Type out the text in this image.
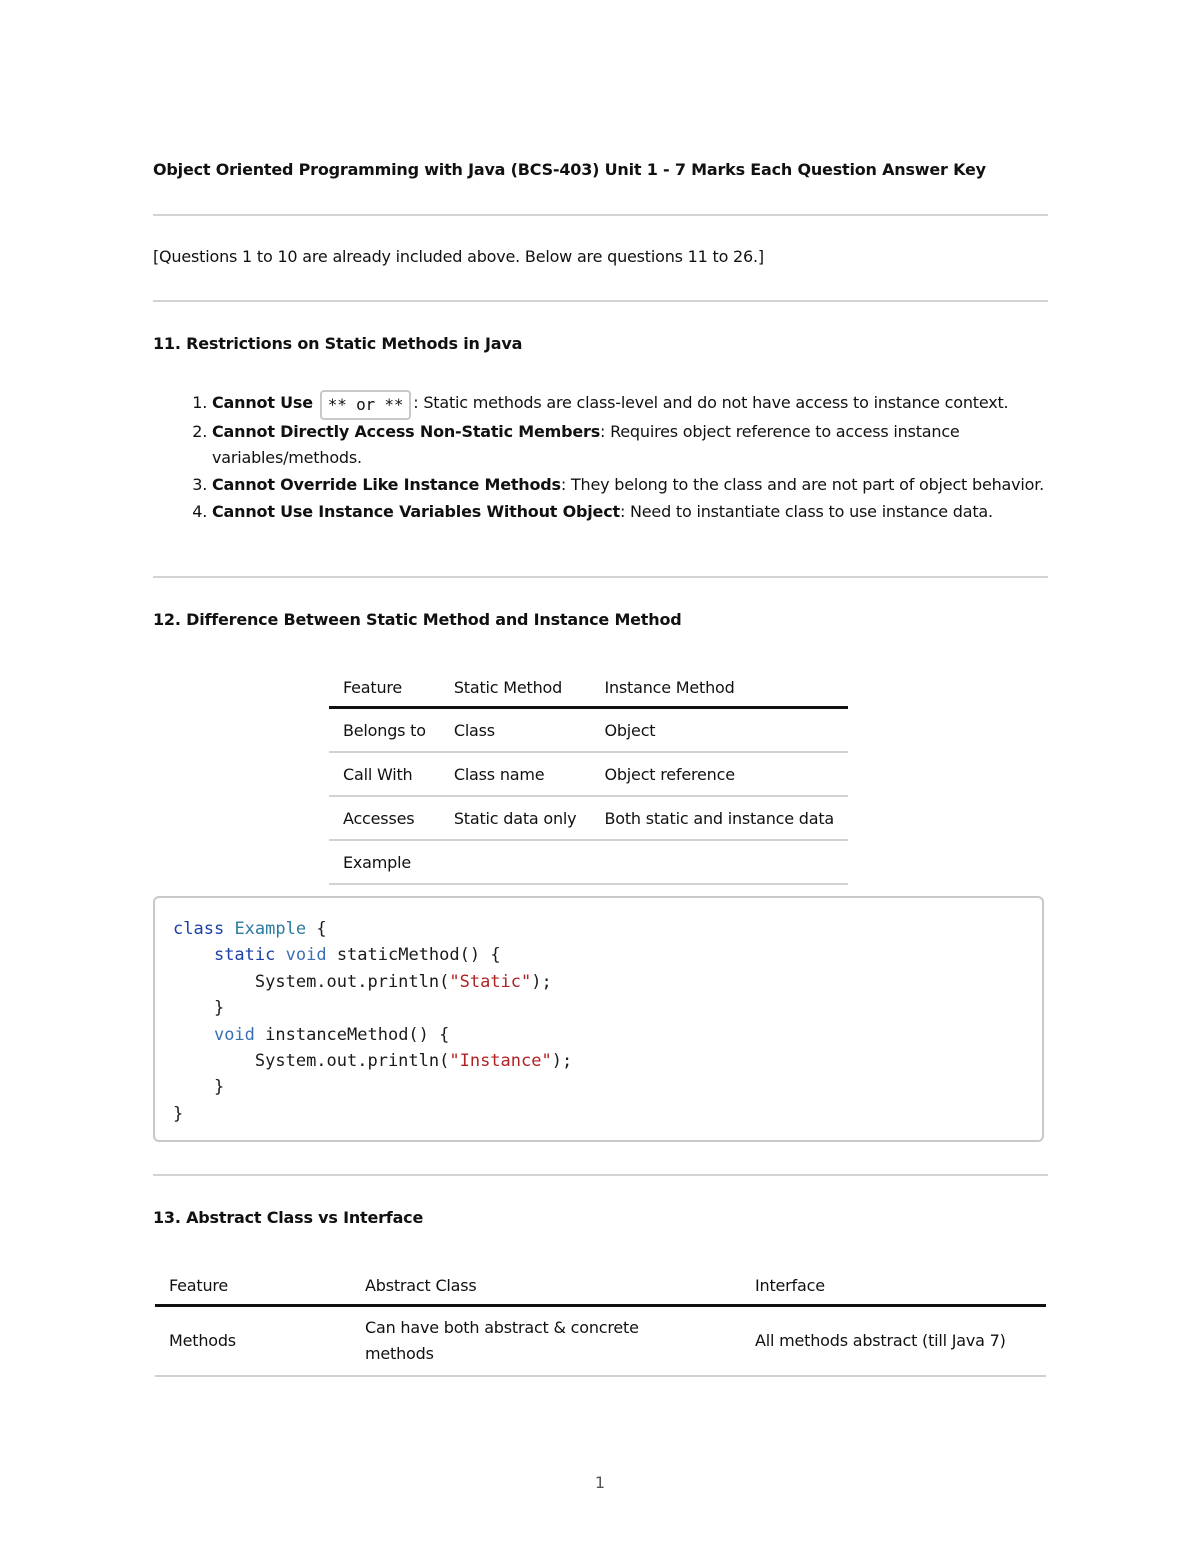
Object Oriented Programming with Java (BCS-403) Unit 1 - 7 Marks Each Question Answer Key
[Questions 1 to 10 are already included above. Below are questions 11 to 26.]
11. Restrictions on Static Methods in Java
1. Cannot Use ** or ** : Static methods are class-level and do not have access to instance context.
2. Cannot Directly Access Non-Static Members: Requires object reference to access instance variables/methods.
3. Cannot Override Like Instance Methods: They belong to the class and are not part of object behavior.
4. Cannot Use Instance Variables Without Object: Need to instantiate class to use instance data.
12. Difference Between Static Method and Instance Method
Feature	Static Method	Instance Method
Belongs to	Class	Object
Call With	Class name	Object reference
Accesses	Static data only	Both static and instance data
Example		
class Example {
static void staticMethod() {
System.out.println("Static");
}
void instanceMethod() {
System.out.println("Instance");
}
}
13. Abstract Class vs Interface
Feature	Abstract Class	Interface
Methods	Can have both abstract & concrete methods	All methods abstract (till Java 7)
1
